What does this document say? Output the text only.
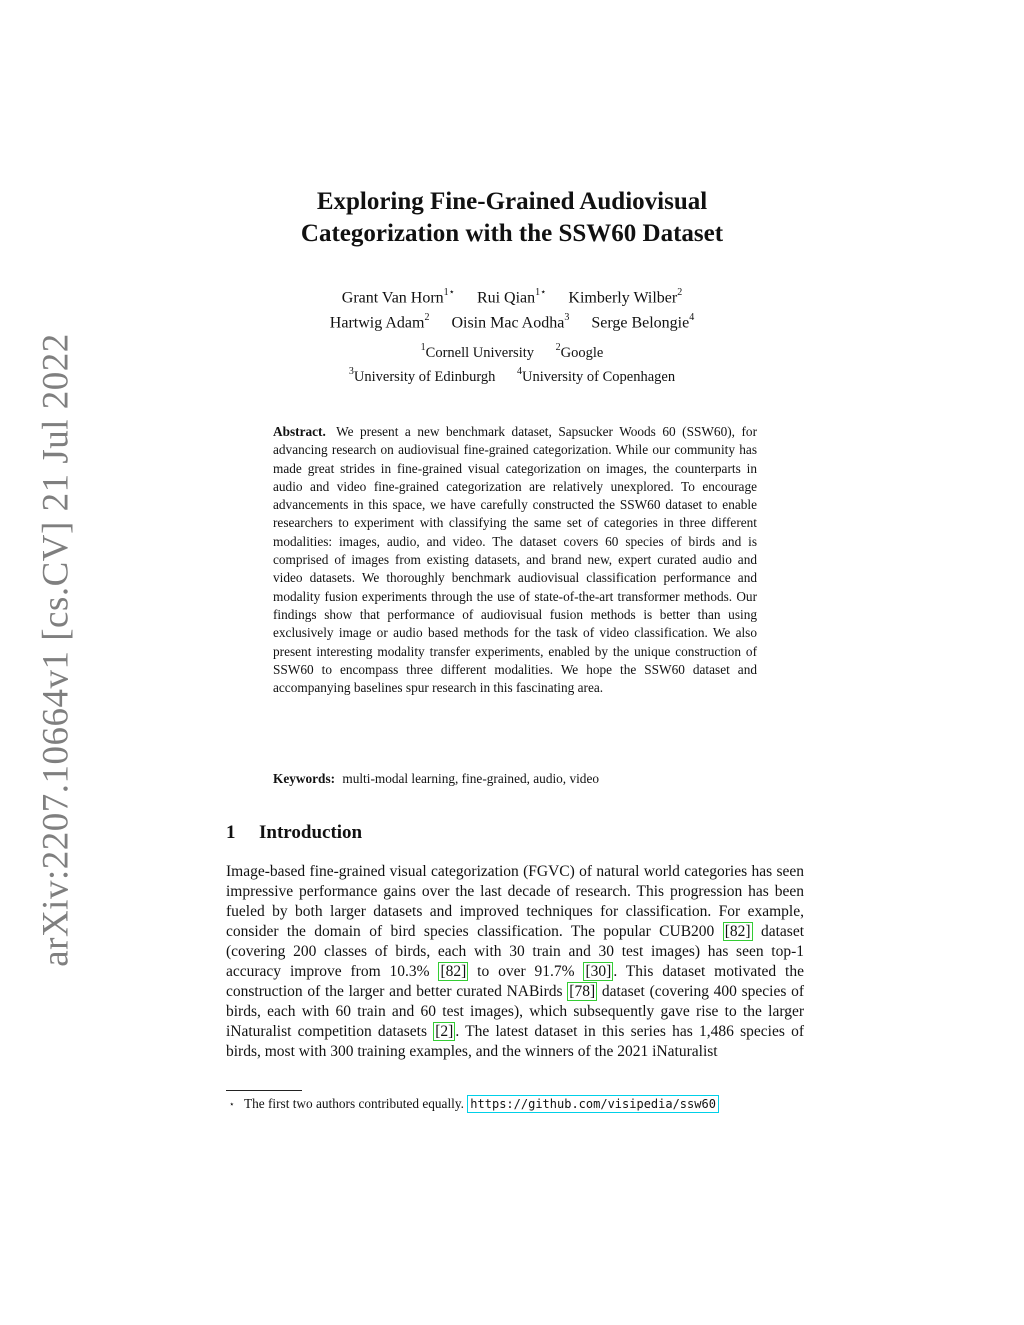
arXiv:2207.10664v1 [cs.CV] 21 Jul 2022
Exploring Fine-Grained Audiovisual
Categorization with the SSW60 Dataset
Grant Van Horn$^{1⋆}$ Rui Qian$^{1⋆}$ Kimberly Wilber$^2$
Hartwig Adam$^2$ Oisin Mac Aodha$^3$ Serge Belongie$^4$
$^1$Cornell University $^2$Google
$^3$University of Edinburgh $^4$University of Copenhagen
Abstract. We present a new benchmark dataset, Sapsucker Woods 60 (SSW60), for advancing research on audiovisual fine-grained categorization. While our community has made great strides in fine-grained visual categorization on images, the counterparts in audio and video fine-grained categorization are relatively unexplored. To encourage advancements in this space, we have carefully constructed the SSW60 dataset to enable researchers to experiment with classifying the same set of categories in three different modalities: images, audio, and video. The dataset covers 60 species of birds and is comprised of images from existing datasets, and brand new, expert curated audio and video datasets. We thoroughly benchmark audiovisual classification performance and modality fusion experiments through the use of state-of-the-art transformer methods. Our findings show that performance of audiovisual fusion methods is better than using exclusively image or audio based methods for the task of video classification. We also present interesting modality transfer experiments, enabled by the unique construction of SSW60 to encompass three different modalities. We hope the SSW60 dataset and accompanying baselines spur research in this fascinating area.
Keywords: multi-modal learning, fine-grained, audio, video
1 Introduction
Image-based fine-grained visual categorization (FGVC) of natural world categories has seen impressive performance gains over the last decade of research. This progression has been fueled by both larger datasets and improved techniques for classification. For example, consider the domain of bird species classification. The popular CUB200 [82] dataset (covering 200 classes of birds, each with 30 train and 30 test images) has seen top-1 accuracy improve from 10.3% [82] to over 91.7% [30] . This dataset motivated the construction of the larger and better curated NABirds [78] dataset (covering 400 species of birds, each with 60 train and 60 test images), which subsequently gave rise to the larger iNaturalist competition datasets [2] . The latest dataset in this series has 1,486 species of birds, most with 300 training examples, and the winners of the 2021 iNaturalist
⋆ The first two authors contributed equally. https://github.com/visipedia/ssw60
